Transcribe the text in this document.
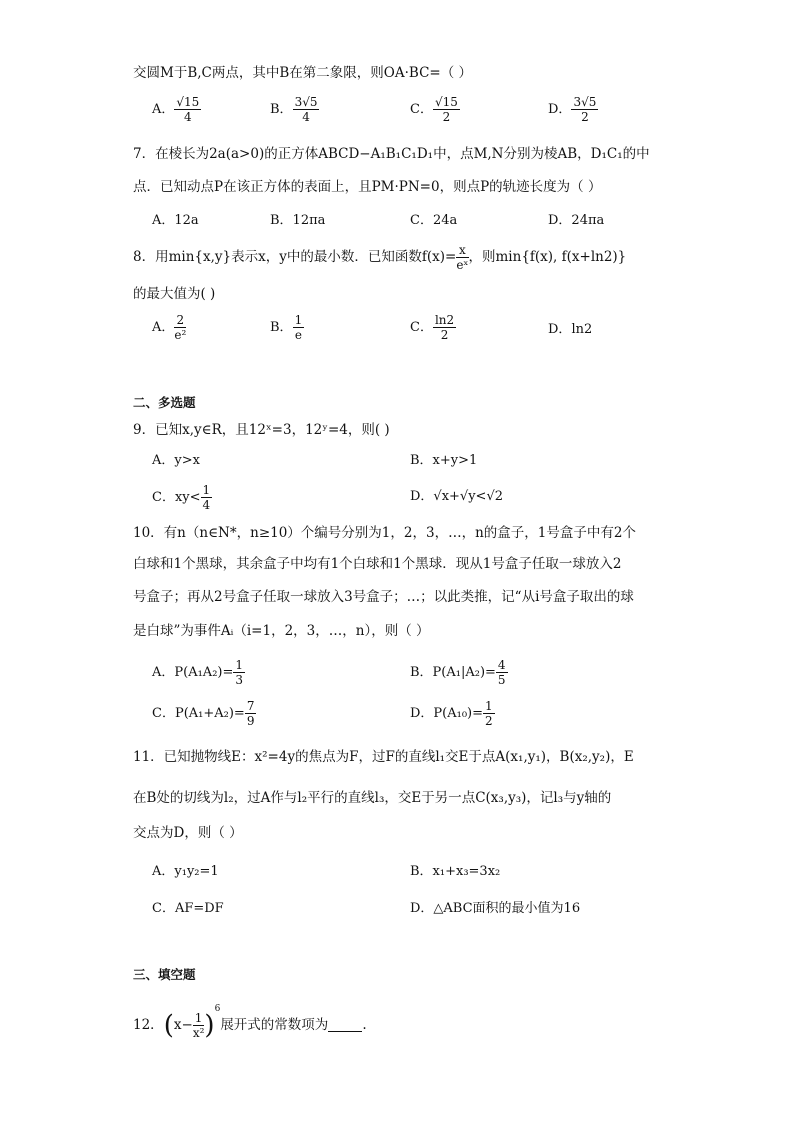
交圆M于B,C两点，其中B在第二象限，则OA·BC=（ ）
A． $\frac{√15}{4}$	B． $\frac{3√5}{4}$	C． $\frac{√15}{2}$	D． $\frac{3√5}{2}$
7．在棱长为2a(a>0)的正方体ABCD−A₁B₁C₁D₁中，点M,N分别为棱AB，D₁C₁的中
点．已知动点P在该正方体的表面上，且PM·PN=0，则点P的轨迹长度为（ ）
A．12a	B．12πa	C．24a	D．24πa
8．用min{x,y}表示x，y中的最小数．已知函数$f(x)= \frac{x}{\text{eˣ}}$ ，则min{f(x), f(x+ln2)}
的最大值为( )
A． $\frac{2}{\text{e²}}$	B． $\frac{1}{e}$	C． $\frac{\ln 2}{2}$	D．ln2
二、多选题
9．已知x,y∈R，且12ˣ=3，12ʸ=4，则( )
A．y>x	B．x+y>1
C．$xy< \frac{1}{4}$	D．√x+√y<√2
10．有n（n∈N*，n≥10）个编号分别为1，2，3，…，n的盒子，1号盒子中有2个
白球和1个黑球，其余盒子中均有1个白球和1个黑球．现从1号盒子任取一球放入2
号盒子；再从2号盒子任取一球放入3号盒子；…；以此类推，记“从i号盒子取出的球
是白球”为事件Aᵢ（i=1，2，3，…，n），则（ ）
A．$P(A_1A_2)= \frac{1}{3}$	B．$P(A_1|A_2)= \frac{4}{5}$
C．$P(A_1+A_2)= \frac{7}{9}$	D．$P(A_{10})= \frac{1}{2}$
11．已知抛物线E：x²=4y的焦点为F，过F的直线l₁交E于点A(x₁,y₁)，B(x₂,y₂)，E
在B处的切线为l₂，过A作与l₂平行的直线l₃，交E于另一点C(x₃,y₃)，记l₃与y轴的
交点为D，则（ ）
A．y₁y₂=1	B．x₁+x₃=3x₂
C．AF=DF	D．△ABC面积的最小值为16
三、填空题
12．$(x- \frac{1}{\text{x²}} )^6$展开式的常数项为	.
